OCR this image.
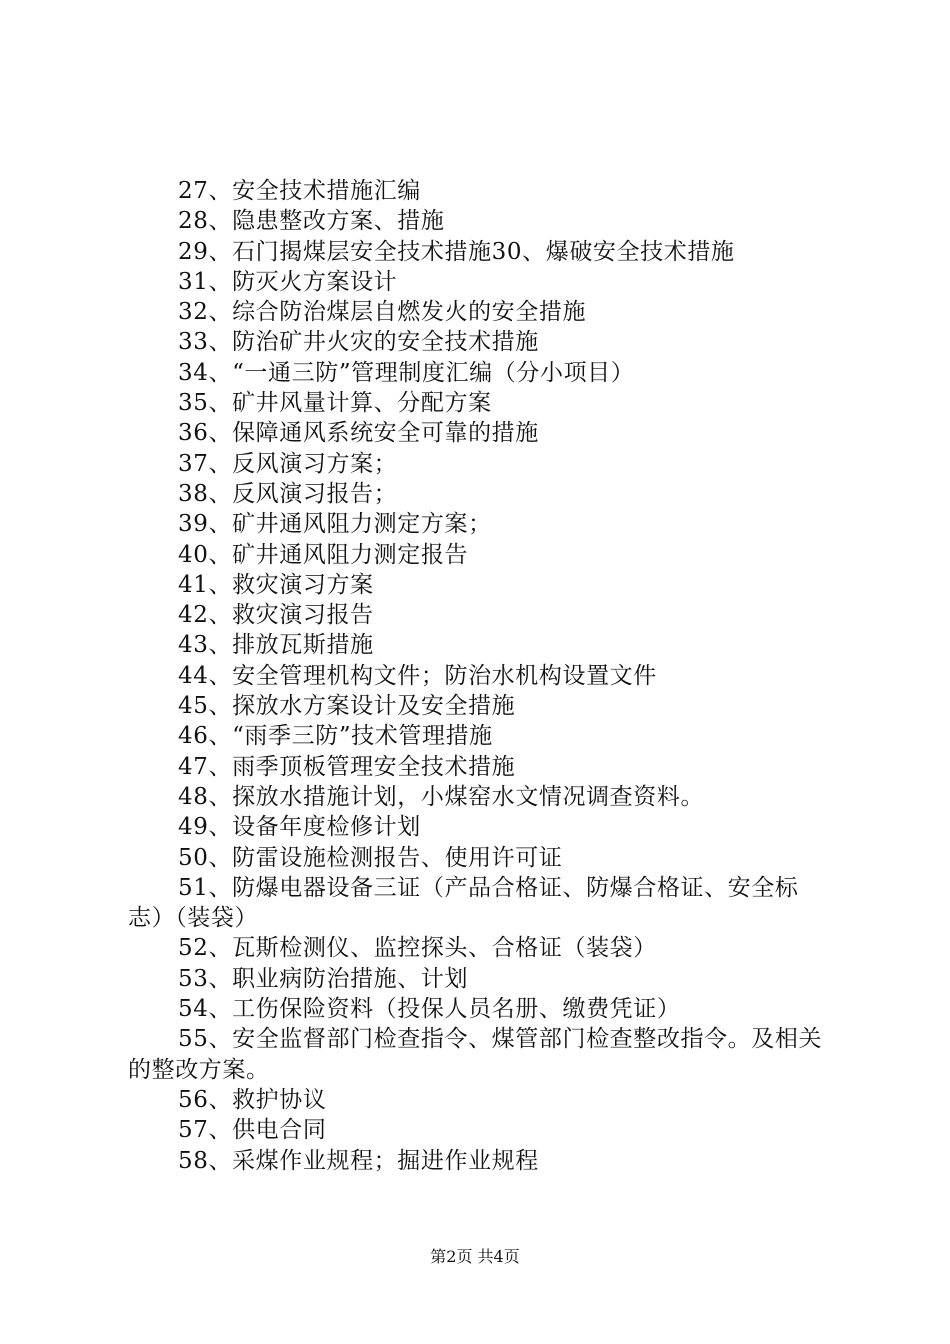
27、安全技术措施汇编

28、隐患整改方案、措施

29、石门揭煤层安全技术措施30、爆破安全技术措施

31、防灭火方案设计

32、综合防治煤层自燃发火的安全措施

33、防治矿井火灾的安全技术措施

34、“一通三防”管理制度汇编（分小项目）

35、矿井风量计算、分配方案

36、保障通风系统安全可靠的措施

37、反风演习方案；

38、反风演习报告；

39、矿井通风阻力测定方案；

40、矿井通风阻力测定报告

41、救灾演习方案

42、救灾演习报告

43、排放瓦斯措施

44、安全管理机构文件；防治水机构设置文件

45、探放水方案设计及安全措施

46、“雨季三防”技术管理措施

47、雨季顶板管理安全技术措施

48、探放水措施计划，小煤窑水文情况调查资料。

49、设备年度检修计划

50、防雷设施检测报告、使用许可证

51、防爆电器设备三证（产品合格证、防爆合格证、安全标志）（装袋）

52、瓦斯检测仪、监控探头、合格证（装袋）

53、职业病防治措施、计划

54、工伤保险资料（投保人员名册、缴费凭证）

55、安全监督部门检查指令、煤管部门检查整改指令。及相关的整改方案。

56、救护协议

57、供电合同

58、采煤作业规程；掘进作业规程

第2页 共4页
